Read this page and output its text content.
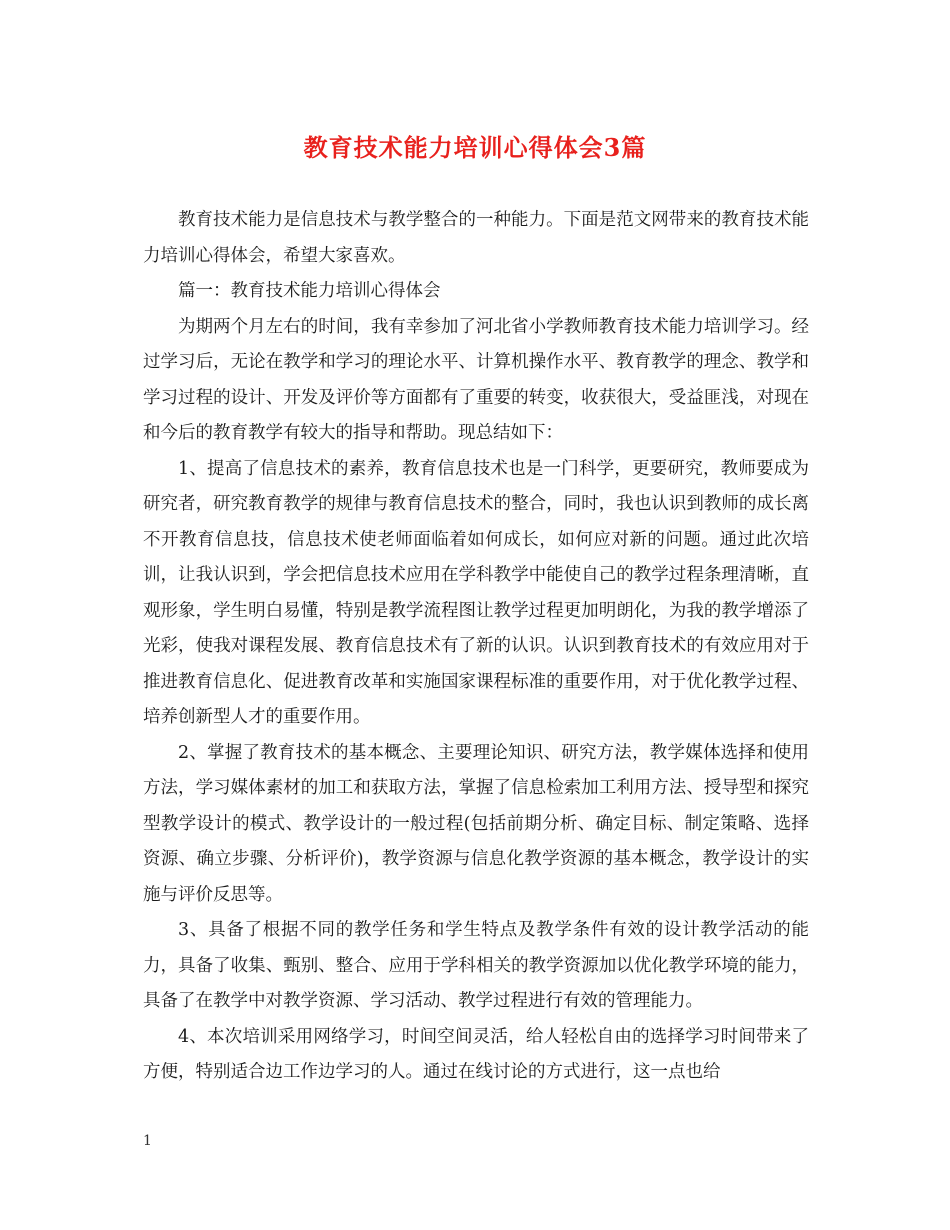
教育技术能力培训心得体会3篇

教育技术能力是信息技术与教学整合的一种能力。下面是范文网带来的教育技术能力培训心得体会，希望大家喜欢。

篇一：教育技术能力培训心得体会

为期两个月左右的时间，我有幸参加了河北省小学教师教育技术能力培训学习。经过学习后，无论在教学和学习的理论水平、计算机操作水平、教育教学的理念、教学和学习过程的设计、开发及评价等方面都有了重要的转变，收获很大，受益匪浅，对现在和今后的教育教学有较大的指导和帮助。现总结如下：

1、提高了信息技术的素养，教育信息技术也是一门科学，更要研究，教师要成为研究者，研究教育教学的规律与教育信息技术的整合，同时，我也认识到教师的成长离不开教育信息技，信息技术使老师面临着如何成长，如何应对新的问题。通过此次培训，让我认识到，学会把信息技术应用在学科教学中能使自己的教学过程条理清晰，直观形象，学生明白易懂，特别是教学流程图让教学过程更加明朗化，为我的教学增添了光彩，使我对课程发展、教育信息技术有了新的认识。认识到教育技术的有效应用对于推进教育信息化、促进教育改革和实施国家课程标准的重要作用，对于优化教学过程、培养创新型人才的重要作用。

2、掌握了教育技术的基本概念、主要理论知识、研究方法，教学媒体选择和使用方法，学习媒体素材的加工和获取方法，掌握了信息检索加工利用方法、授导型和探究型教学设计的模式、教学设计的一般过程(包括前期分析、确定目标、制定策略、选择资源、确立步骤、分析评价)，教学资源与信息化教学资源的基本概念，教学设计的实施与评价反思等。

3、具备了根据不同的教学任务和学生特点及教学条件有效的设计教学活动的能力，具备了收集、甄别、整合、应用于学科相关的教学资源加以优化教学环境的能力，具备了在教学中对教学资源、学习活动、教学过程进行有效的管理能力。

4、本次培训采用网络学习，时间空间灵活，给人轻松自由的选择学习时间带来了方便，特别适合边工作边学习的人。通过在线讨论的方式进行，这一点也给

1
